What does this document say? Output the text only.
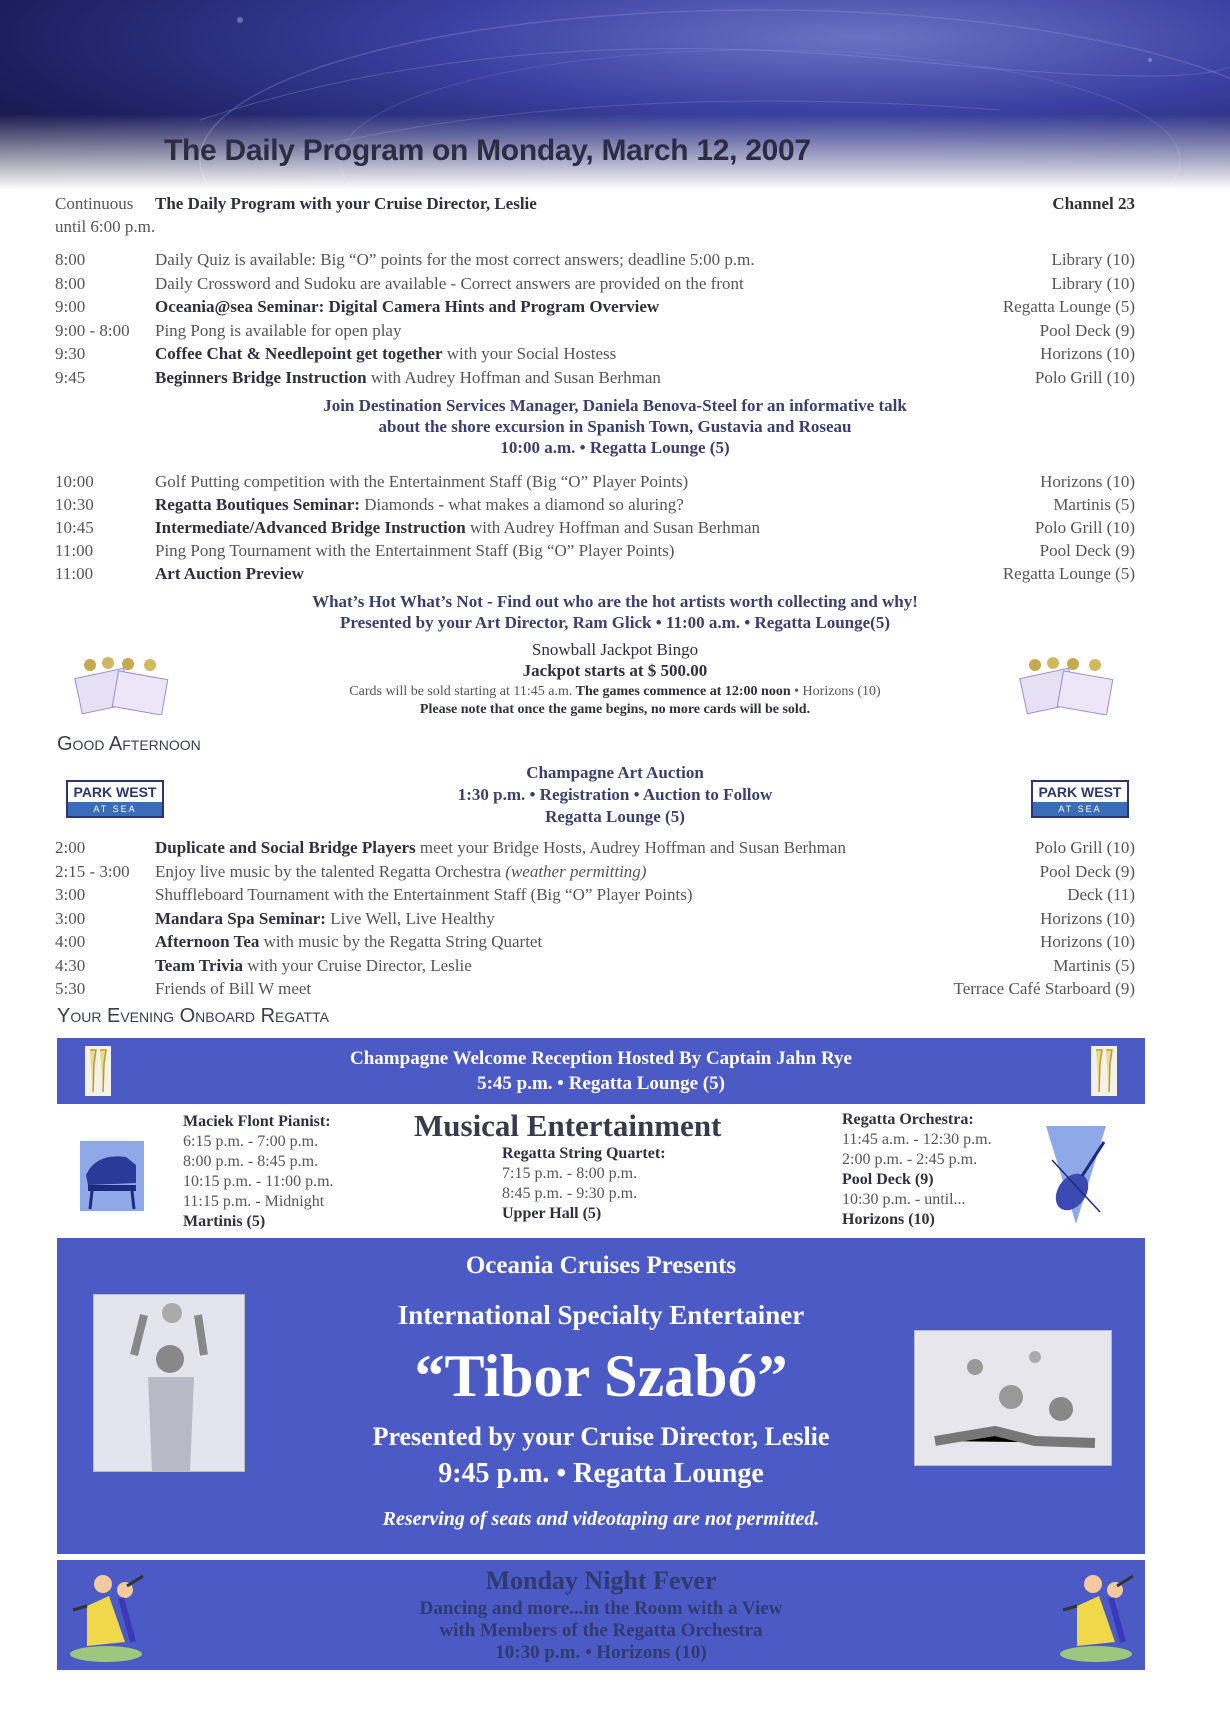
The Daily Program on Monday, March 12, 2007
Continuous The Daily Program with your Cruise Director, Leslie	Channel 23
until 6:00 p.m.
8:00	Daily Quiz is available: Big “O” points for the most correct answers; deadline 5:00 p.m.	Library (10)
8:00	Daily Crossword and Sudoku are available - Correct answers are provided on the front	Library (10)
9:00	Oceania@sea Seminar: Digital Camera Hints and Program Overview	Regatta Lounge (5)
9:00 - 8:00 Ping Pong is available for open play	Pool Deck (9)
9:30	Coffee Chat & Needlepoint get together with your Social Hostess	Horizons (10)
9:45	Beginners Bridge Instruction with Audrey Hoffman and Susan Berhman	Polo Grill (10)
Join Destination Services Manager, Daniela Benova-Steel for an informative talk
about the shore excursion in Spanish Town, Gustavia and Roseau
10:00 a.m. • Regatta Lounge (5)
10:00	Golf Putting competition with the Entertainment Staff (Big “O” Player Points)	Horizons (10)
10:30	Regatta Boutiques Seminar: Diamonds - what makes a diamond so aluring?	Martinis (5)
10:45	Intermediate/Advanced Bridge Instruction with Audrey Hoffman and Susan Berhman	Polo Grill (10)
11:00	Ping Pong Tournament with the Entertainment Staff (Big “O” Player Points)	Pool Deck (9)
11:00	Art Auction Preview	Regatta Lounge (5)
What’s Hot What’s Not - Find out who are the hot artists worth collecting and why!
Presented by your Art Director, Ram Glick • 11:00 a.m. • Regatta Lounge(5)
Snowball Jackpot Bingo
Jackpot starts at $ 500.00
Cards will be sold starting at 11:45 a.m. The games commence at 12:00 noon • Horizons (10)
Please note that once the game begins, no more cards will be sold.
Good Afternoon
PARK WEST
AT SEA
PARK WEST
AT SEA
Champagne Art Auction
1:30 p.m. • Registration • Auction to Follow
Regatta Lounge (5)
2:00	Duplicate and Social Bridge Players meet your Bridge Hosts, Audrey Hoffman and Susan Berhman	Polo Grill (10)
2:15 - 3:00 Enjoy live music by the talented Regatta Orchestra (weather permitting)	Pool Deck (9)
3:00	Shuffleboard Tournament with the Entertainment Staff (Big “O” Player Points)	Deck (11)
3:00	Mandara Spa Seminar: Live Well, Live Healthy	Horizons (10)
4:00	Afternoon Tea with music by the Regatta String Quartet	Horizons (10)
4:30	Team Trivia with your Cruise Director, Leslie	Martinis (5)
5:30	Friends of Bill W meet	Terrace Café Starboard (9)
Your Evening Onboard Regatta
Champagne Welcome Reception Hosted By Captain Jahn Rye
5:45 p.m. • Regatta Lounge (5)
Musical Entertainment
Maciek Flont Pianist:
6:15 p.m. - 7:00 p.m.
8:00 p.m. - 8:45 p.m.
10:15 p.m. - 11:00 p.m.
11:15 p.m. - Midnight
Martinis (5)
Regatta String Quartet:
7:15 p.m. - 8:00 p.m.
8:45 p.m. - 9:30 p.m.
Upper Hall (5)
Regatta Orchestra:
11:45 a.m. - 12:30 p.m.
2:00 p.m. - 2:45 p.m.
Pool Deck (9)
10:30 p.m. - until...
Horizons (10)
Oceania Cruises Presents
International Specialty Entertainer
“Tibor Szabó”
Presented by your Cruise Director, Leslie
9:45 p.m. • Regatta Lounge
Reserving of seats and videotaping are not permitted.
Monday Night Fever
Dancing and more...in the Room with a View
with Members of the Regatta Orchestra
10:30 p.m. • Horizons (10)
